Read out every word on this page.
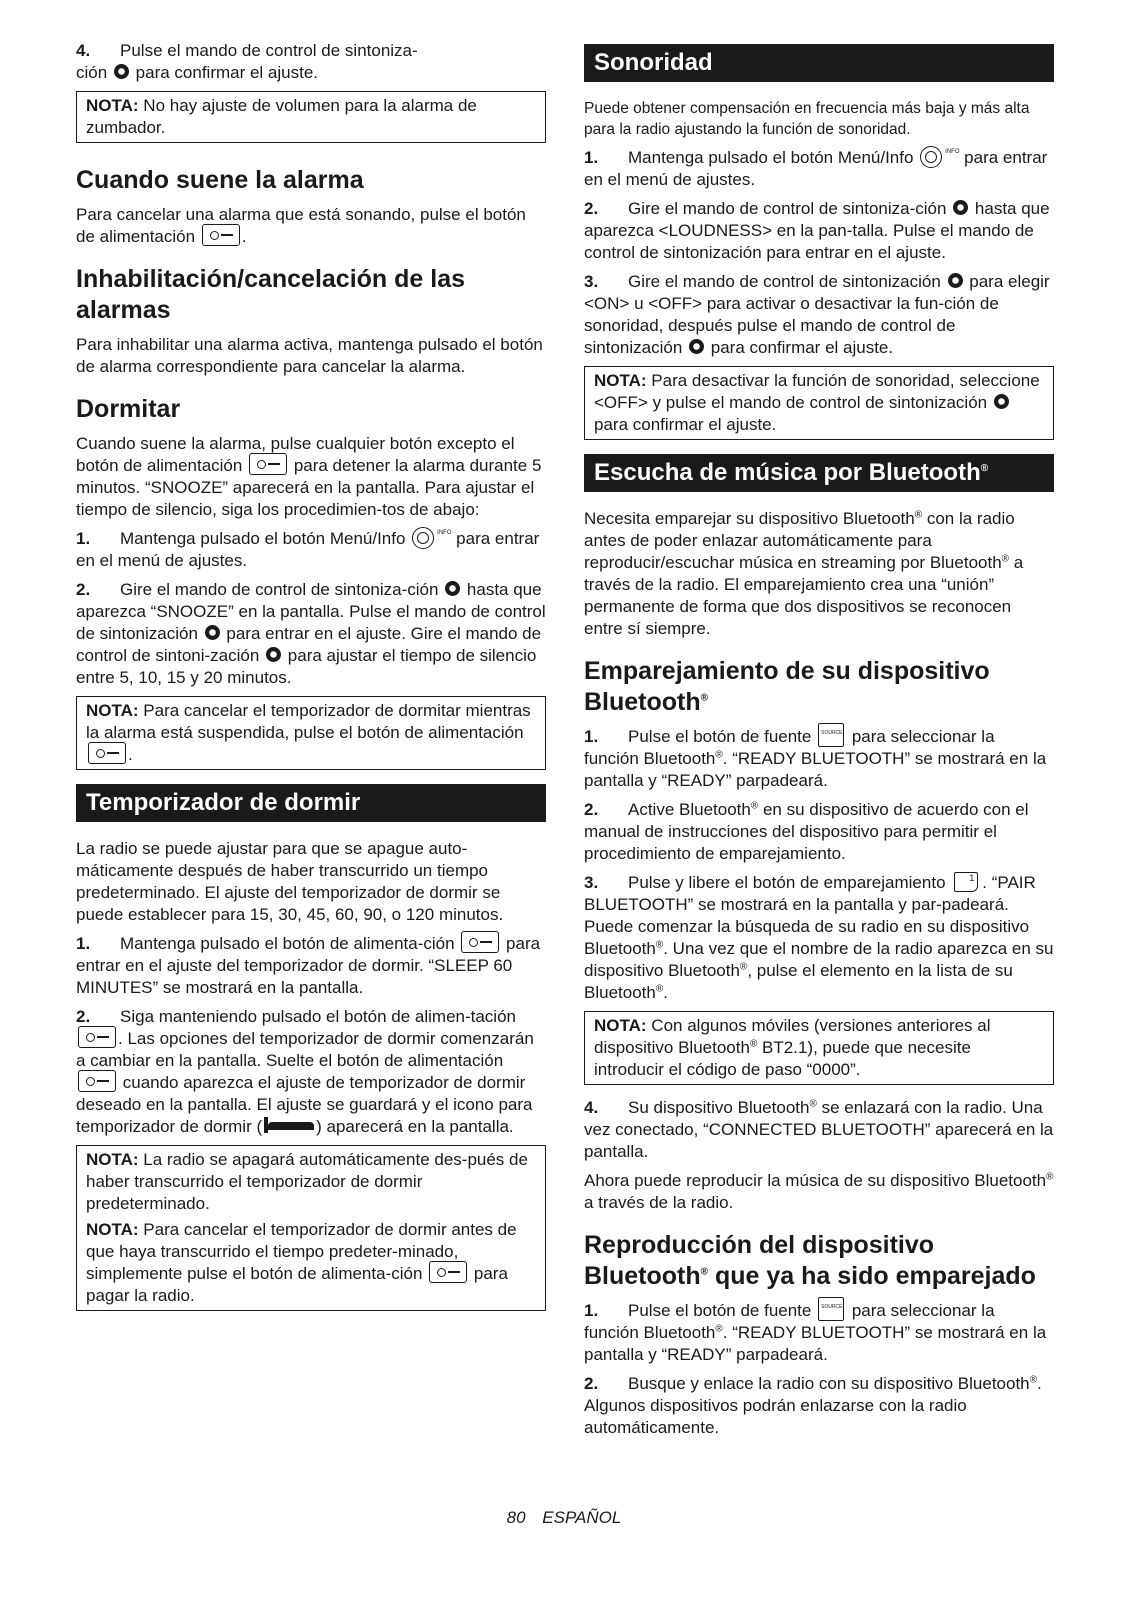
4. Pulse el mando de control de sintoniza-
ción para confirmar el ajuste.

NOTA: No hay ajuste de volumen para la alarma de zumbador.

Cuando suene la alarma

Para cancelar una alarma que está sonando, pulse el botón de alimentación	.

Inhabilitación/cancelación de las alarmas

Para inhabilitar una alarma activa, mantenga pulsado el botón de alarma correspondiente para cancelar la alarma.

Dormitar

Cuando suene la alarma, pulse cualquier botón excepto el botón de alimentación	para detener la alarma durante 5 minutos. “SNOOZE” aparecerá en la pantalla. Para ajustar el tiempo de silencio, siga los procedimien-tos de abajo:

1. Mantenga pulsado el botón Menú/Info INFO	para entrar en el menú de ajustes.

2. Gire el mando de control de sintoniza-ción hasta que aparezca “SNOOZE” en la pantalla. Pulse el mando de control de sintonización para entrar en el ajuste. Gire el mando de control de sintoni-zación para ajustar el tiempo de silencio entre 5, 10, 15 y 20 minutos.

NOTA: Para cancelar el temporizador de dormitar mientras la alarma está suspendida, pulse el botón de alimentación .

Temporizador de dormir

La radio se puede ajustar para que se apague auto-máticamente después de haber transcurrido un tiempo predeterminado. El ajuste del temporizador de dormir se puede establecer para 15, 30, 45, 60, 90, o 120 minutos.

1. Mantenga pulsado el botón de alimenta-ción	para entrar en el ajuste del temporizador de dormir. “SLEEP 60 MINUTES” se mostrará en la pantalla.

2. Siga manteniendo pulsado el botón de alimen-tación . Las opciones del temporizador de dormir comenzarán a cambiar en la pantalla. Suelte el botón de alimentación  cuando aparezca el ajuste de temporizador de dormir deseado en la pantalla. El ajuste se guardará y el icono para temporizador de dormir (	) aparecerá en la pantalla.

NOTA: La radio se apagará automáticamente des-pués de haber transcurrido el temporizador de dormir predeterminado.

NOTA: Para cancelar el temporizador de dormir antes de que haya transcurrido el tiempo predeter-minado, simplemente pulse el botón de alimenta-ción	para pagar la radio.

Sonoridad

Puede obtener compensación en frecuencia más baja y más alta para la radio ajustando la función de sonoridad.

1. Mantenga pulsado el botón Menú/Info INFO	para entrar en el menú de ajustes.

2. Gire el mando de control de sintoniza-ción hasta que aparezca <LOUDNESS> en la pan-talla. Pulse el mando de control de sintonización para entrar en el ajuste.

3. Gire el mando de control de sintonización para elegir <ON> u <OFF> para activar o desactivar la fun-ción de sonoridad, después pulse el mando de control de sintonización para confirmar el ajuste.

NOTA: Para desactivar la función de sonoridad, seleccione <OFF> y pulse el mando de control de sintonización  para confirmar el ajuste.

Escucha de música por Bluetooth®

Necesita emparejar su dispositivo Bluetooth® con la radio antes de poder enlazar automáticamente para reproducir/escuchar música en streaming por Bluetooth® a través de la radio. El emparejamiento crea una “unión” permanente de forma que dos dispositivos se reconocen entre sí siempre.

Emparejamiento de su dispositivo Bluetooth®

1. Pulse el botón de fuente SOURCE para seleccionar la función Bluetooth®. “READY BLUETOOTH” se mostrará en la pantalla y “READY” parpadeará.

2. Active Bluetooth® en su dispositivo de acuerdo con el manual de instrucciones del dispositivo para permitir el procedimiento de emparejamiento.

3. Pulse y libere el botón de emparejamiento 1 . “PAIR BLUETOOTH” se mostrará en la pantalla y par-padeará. Puede comenzar la búsqueda de su radio en su dispositivo Bluetooth®. Una vez que el nombre de la radio aparezca en su dispositivo Bluetooth®, pulse el elemento en la lista de su Bluetooth®.

NOTA: Con algunos móviles (versiones anteriores al dispositivo Bluetooth® BT2.1), puede que necesite introducir el código de paso “0000”.

4. Su dispositivo Bluetooth® se enlazará con la radio. Una vez conectado, “CONNECTED BLUETOOTH” aparecerá en la pantalla.

Ahora puede reproducir la música de su dispositivo Bluetooth® a través de la radio.

Reproducción del dispositivo Bluetooth® que ya ha sido emparejado

1. Pulse el botón de fuente SOURCE para seleccionar la función Bluetooth®. “READY BLUETOOTH” se mostrará en la pantalla y “READY” parpadeará.

2. Busque y enlace la radio con su dispositivo Bluetooth®. Algunos dispositivos podrán enlazarse con la radio automáticamente.

80 ESPAÑOL
